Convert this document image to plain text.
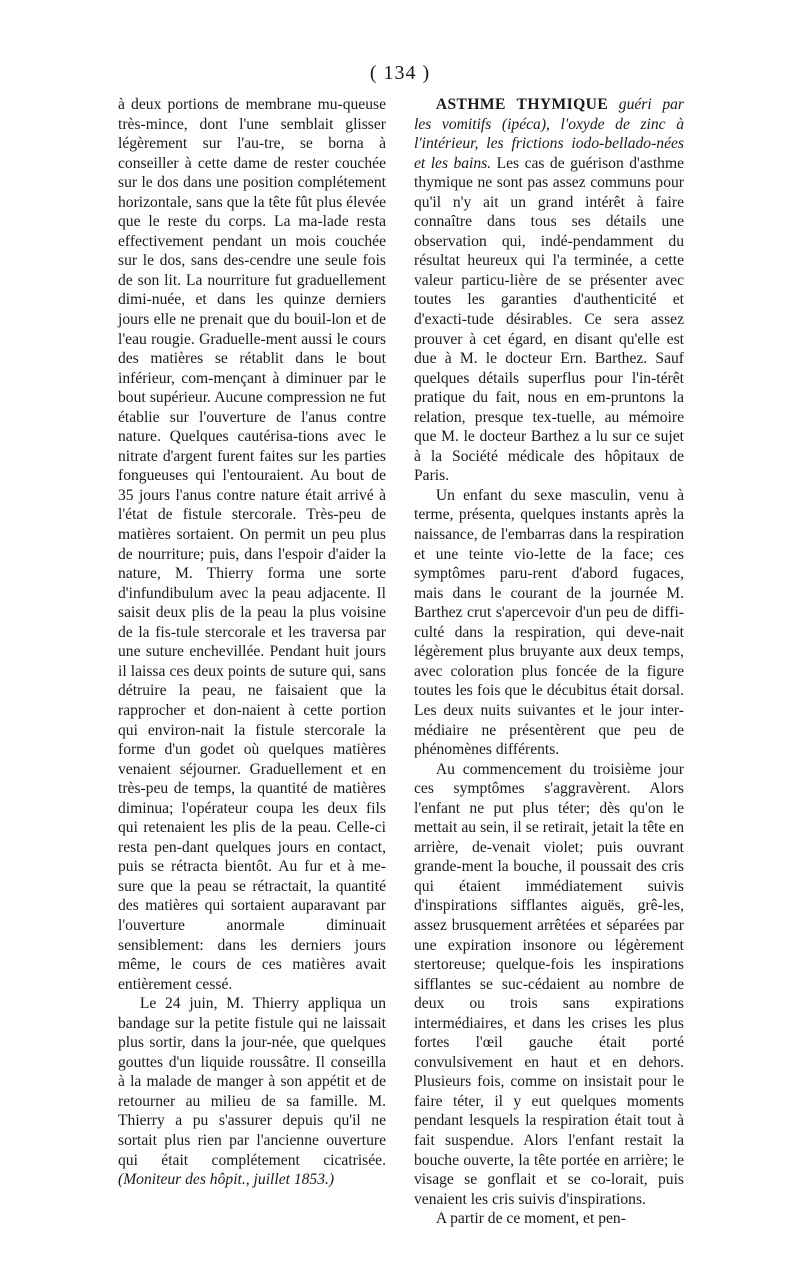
( 134 )

à deux portions de membrane mu-queuse très-mince, dont l'une semblait glisser légèrement sur l'au-tre, se borna à conseiller à cette dame de rester couchée sur le dos dans une position complétement horizontale, sans que la tête fût plus élevée que le reste du corps. La ma-lade resta effectivement pendant un mois couchée sur le dos, sans des-cendre une seule fois de son lit. La nourriture fut graduellement dimi-nuée, et dans les quinze derniers jours elle ne prenait que du bouil-lon et de l'eau rougie. Graduelle-ment aussi le cours des matières se rétablit dans le bout inférieur, com-mençant à diminuer par le bout supérieur. Aucune compression ne fut établie sur l'ouverture de l'anus contre nature. Quelques cautérisa-tions avec le nitrate d'argent furent faites sur les parties fongueuses qui l'entouraient. Au bout de 35 jours l'anus contre nature était arrivé à l'état de fistule stercorale. Très-peu de matières sortaient. On permit un peu plus de nourriture; puis, dans l'espoir d'aider la nature, M. Thierry forma une sorte d'infundibulum avec la peau adjacente. Il saisit deux plis de la peau la plus voisine de la fis-tule stercorale et les traversa par une suture enchevillée. Pendant huit jours il laissa ces deux points de suture qui, sans détruire la peau, ne faisaient que la rapprocher et don-naient à cette portion qui environ-nait la fistule stercorale la forme d'un godet où quelques matières venaient séjourner. Graduellement et en très-peu de temps, la quantité de matières diminua; l'opérateur coupa les deux fils qui retenaient les plis de la peau. Celle-ci resta pen-dant quelques jours en contact, puis se rétracta bientôt. Au fur et à me-sure que la peau se rétractait, la quantité des matières qui sortaient auparavant par l'ouverture anormale diminuait sensiblement: dans les derniers jours même, le cours de ces matières avait entièrement cessé.

Le 24 juin, M. Thierry appliqua un bandage sur la petite fistule qui ne laissait plus sortir, dans la jour-née, que quelques gouttes d'un liquide roussâtre. Il conseilla à la malade de manger à son appétit et de retourner au milieu de sa famille. M. Thierry a pu s'assurer depuis qu'il ne sortait plus rien par l'ancienne ouverture qui était complétement cicatrisée. (Moniteur des hôpit., juillet 1853.)

ASTHME THYMIQUE guéri par les vomitifs (ipéca), l'oxyde de zinc à l'intérieur, les frictions iodo-bellado-nées et les bains. Les cas de guérison d'asthme thymique ne sont pas assez communs pour qu'il n'y ait un grand intérêt à faire connaître dans tous ses détails une observation qui, indé-pendamment du résultat heureux qui l'a terminée, a cette valeur particu-lière de se présenter avec toutes les garanties d'authenticité et d'exacti-tude désirables. Ce sera assez prouver à cet égard, en disant qu'elle est due à M. le docteur Ern. Barthez. Sauf quelques détails superflus pour l'in-térêt pratique du fait, nous en em-pruntons la relation, presque tex-tuelle, au mémoire que M. le docteur Barthez a lu sur ce sujet à la Société médicale des hôpitaux de Paris.

Un enfant du sexe masculin, venu à terme, présenta, quelques instants après la naissance, de l'embarras dans la respiration et une teinte vio-lette de la face; ces symptômes paru-rent d'abord fugaces, mais dans le courant de la journée M. Barthez crut s'apercevoir d'un peu de diffi-culté dans la respiration, qui deve-nait légèrement plus bruyante aux deux temps, avec coloration plus foncée de la figure toutes les fois que le décubitus était dorsal. Les deux nuits suivantes et le jour inter-médiaire ne présentèrent que peu de phénomènes différents.

Au commencement du troisième jour ces symptômes s'aggravèrent. Alors l'enfant ne put plus téter; dès qu'on le mettait au sein, il se retirait, jetait la tête en arrière, de-venait violet; puis ouvrant grande-ment la bouche, il poussait des cris qui étaient immédiatement suivis d'inspirations sifflantes aiguës, grê-les, assez brusquement arrêtées et séparées par une expiration insonore ou légèrement stertoreuse; quelque-fois les inspirations sifflantes se suc-cédaient au nombre de deux ou trois sans expirations intermédiaires, et dans les crises les plus fortes l'œil gauche était porté convulsivement en haut et en dehors. Plusieurs fois, comme on insistait pour le faire téter, il y eut quelques moments pendant lesquels la respiration était tout à fait suspendue. Alors l'enfant restait la bouche ouverte, la tête portée en arrière; le visage se gonflait et se co-lorait, puis venaient les cris suivis d'inspirations.

A partir de ce moment, et pen-
